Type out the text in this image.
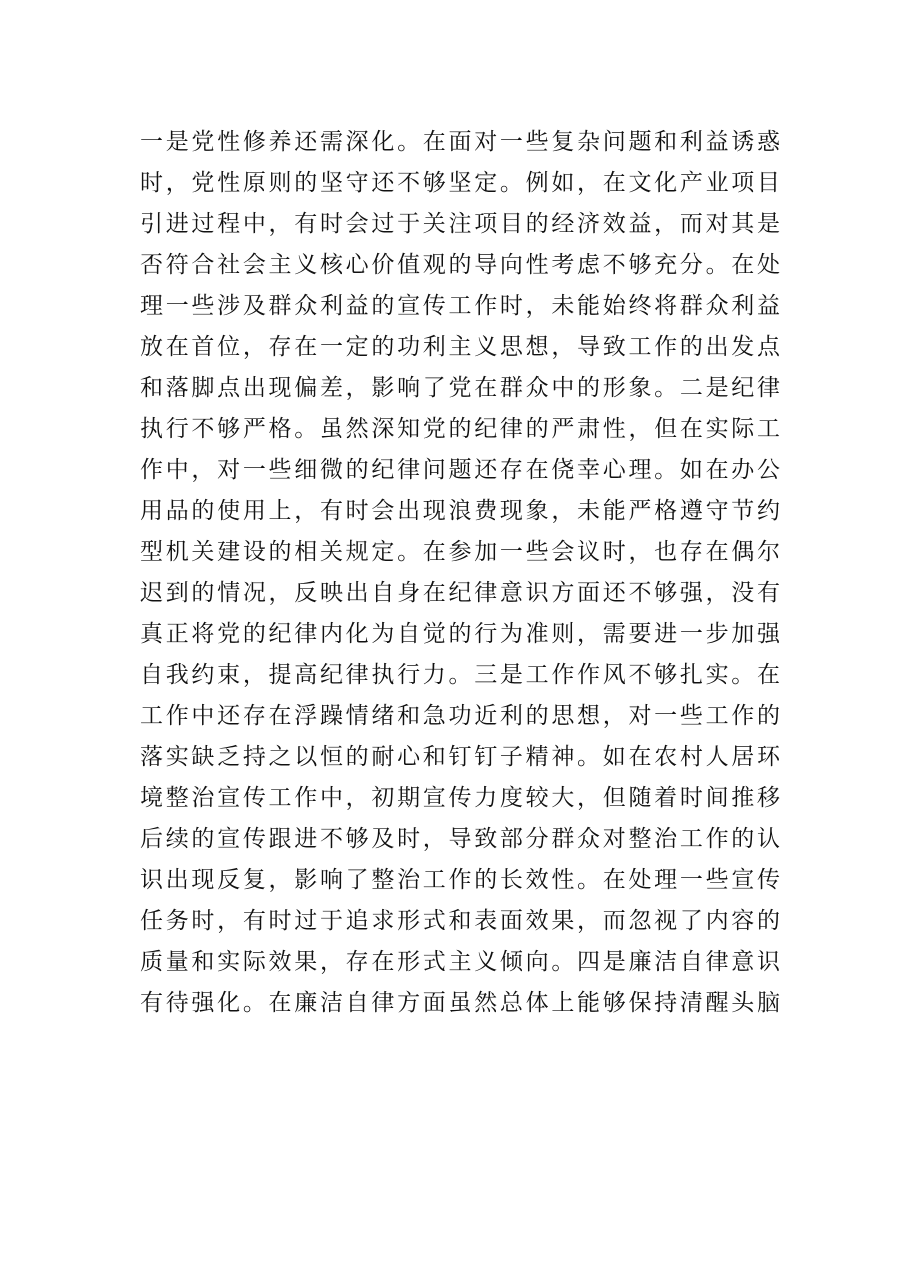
一是党性修养还需深化。在面对一些复杂问题和利益诱惑
时，党性原则的坚守还不够坚定。例如，在文化产业项目
引进过程中，有时会过于关注项目的经济效益，而对其是
否符合社会主义核心价值观的导向性考虑不够充分。在处
理一些涉及群众利益的宣传工作时，未能始终将群众利益
放在首位，存在一定的功利主义思想，导致工作的出发点
和落脚点出现偏差，影响了党在群众中的形象。二是纪律
执行不够严格。虽然深知党的纪律的严肃性，但在实际工
作中，对一些细微的纪律问题还存在侥幸心理。如在办公
用品的使用上，有时会出现浪费现象，未能严格遵守节约
型机关建设的相关规定。在参加一些会议时，也存在偶尔
迟到的情况，反映出自身在纪律意识方面还不够强，没有
真正将党的纪律内化为自觉的行为准则，需要进一步加强
自我约束，提高纪律执行力。三是工作作风不够扎实。在
工作中还存在浮躁情绪和急功近利的思想，对一些工作的
落实缺乏持之以恒的耐心和钉钉子精神。如在农村人居环
境整治宣传工作中，初期宣传力度较大，但随着时间推移
后续的宣传跟进不够及时，导致部分群众对整治工作的认
识出现反复，影响了整治工作的长效性。在处理一些宣传
任务时，有时过于追求形式和表面效果，而忽视了内容的
质量和实际效果，存在形式主义倾向。四是廉洁自律意识
有待强化。在廉洁自律方面虽然总体上能够保持清醒头脑
